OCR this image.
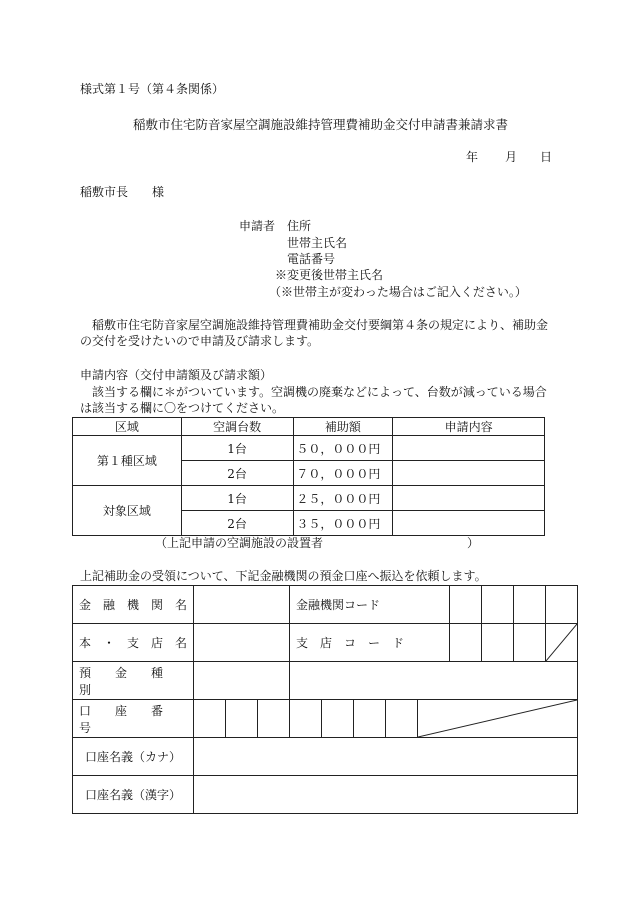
様式第１号（第４条関係）
稲敷市住宅防音家屋空調施設維持管理費補助金交付申請書兼請求書
年 月 日
稲敷市長　　様
申請者 住所
世帯主氏名
電話番号
※変更後世帯主氏名
（※世帯主が変わった場合はご記入ください。）
稲敷市住宅防音家屋空調施設維持管理費補助金交付要綱第４条の規定により、補助金の交付を受けたいので申請及び請求します。
申請内容（交付申請額及び請求額）
該当する欄に＊がついています。空調機の廃棄などによって、台数が減っている場合は該当する欄に〇をつけてください。
区域	空調台数	補助額	申請内容
第１種区域	1台	５０，０００円	
	2台	７０，０００円	
対象区域	1台	２５，０００円	
	2台	３５，０００円	
（上記申請の空調施設の設置者	）
上記補助金の受領について、下記金融機関の預金口座へ振込を依頼します。
金　融　機　関　名				金融機関コード								
本　・　支　店　名				支　店　コ　ー　ド				

預　　金　　種　　別												
口　　座　　番　　号								

口座名義（カナ）												
口座名義（漢字）												
